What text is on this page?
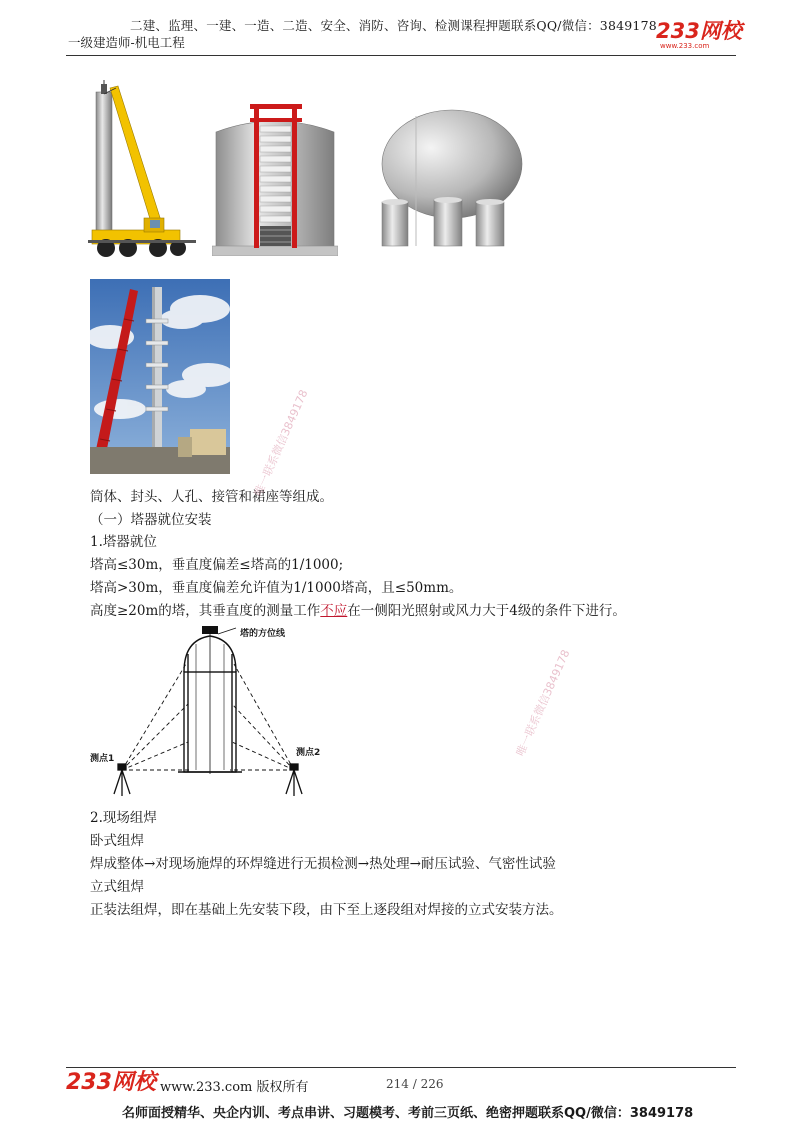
二建、监理、一建、一造、二造、安全、消防、咨询、检测课程押题联系QQ/微信：3849178
一级建造师-机电工程	233网校
www.233.com
筒体、封头、人孔、接管和裙座等组成。
（一）塔器就位安装
1.塔器就位
塔高≤30m，垂直度偏差≤塔高的1/1000;
塔高>30m，垂直度偏差允许值为1/1000塔高，且≤50mm。
高度≥20m的塔，其垂直度的测量工作不应在一侧阳光照射或风力大于4级的条件下进行。
塔的方位线
测点1
测点2
2.现场组焊
卧式组焊
焊成整体→对现场施焊的环焊缝进行无损检测→热处理→耐压试验、气密性试验
立式组焊
正装法组焊，即在基础上先安装下段，由下至上逐段组对焊接的立式安装方法。
唯一联系微信3849178
唯一联系微信3849178
233网校 www.233.com 版权所有	214 / 226
名师面授精华、央企内训、考点串讲、习题模考、考前三页纸、绝密押题联系QQ/微信：3849178
